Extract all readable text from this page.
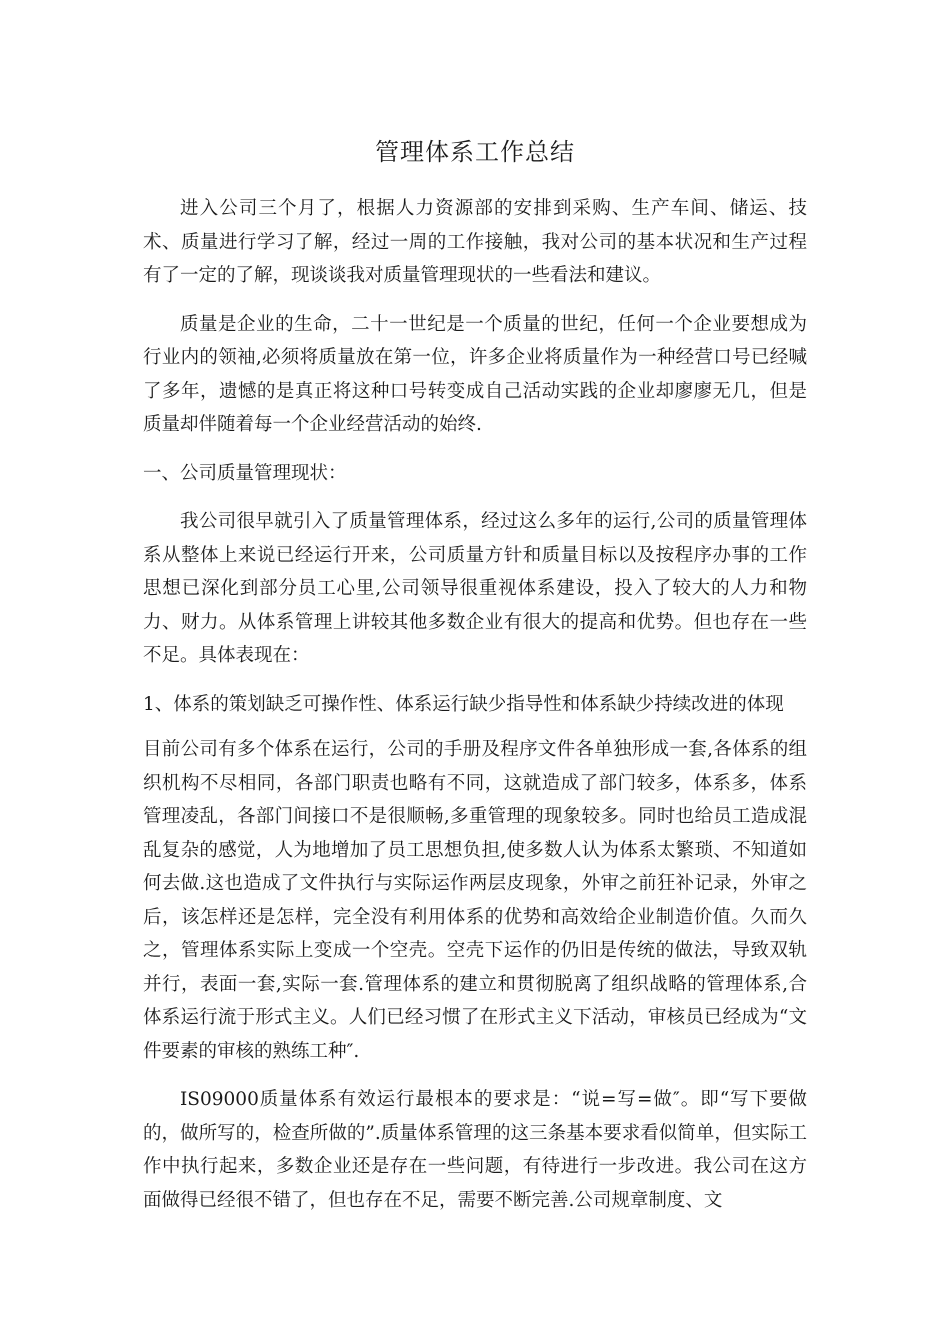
管理体系工作总结

进入公司三个月了，根据人力资源部的安排到采购、生产车间、储运、技术、质量进行学习了解，经过一周的工作接触，我对公司的基本状况和生产过程有了一定的了解，现谈谈我对质量管理现状的一些看法和建议。

质量是企业的生命，二十一世纪是一个质量的世纪，任何一个企业要想成为行业内的领袖,必须将质量放在第一位，许多企业将质量作为一种经营口号已经喊了多年，遗憾的是真正将这种口号转变成自己活动实践的企业却廖廖无几，但是质量却伴随着每一个企业经营活动的始终.

一、公司质量管理现状：

我公司很早就引入了质量管理体系，经过这么多年的运行,公司的质量管理体系从整体上来说已经运行开来，公司质量方针和质量目标以及按程序办事的工作思想已深化到部分员工心里,公司领导很重视体系建设，投入了较大的人力和物力、财力。从体系管理上讲较其他多数企业有很大的提高和优势。但也存在一些不足。具体表现在：

1、体系的策划缺乏可操作性、体系运行缺少指导性和体系缺少持续改进的体现

目前公司有多个体系在运行，公司的手册及程序文件各单独形成一套,各体系的组织机构不尽相同，各部门职责也略有不同，这就造成了部门较多，体系多，体系管理凌乱，各部门间接口不是很顺畅,多重管理的现象较多。同时也给员工造成混乱复杂的感觉，人为地增加了员工思想负担,使多数人认为体系太繁琐、不知道如何去做.这也造成了文件执行与实际运作两层皮现象，外审之前狂补记录，外审之后，该怎样还是怎样，完全没有利用体系的优势和高效给企业制造价值。久而久之，管理体系实际上变成一个空壳。空壳下运作的仍旧是传统的做法，导致双轨并行，表面一套,实际一套.管理体系的建立和贯彻脱离了组织战略的管理体系,合体系运行流于形式主义。人们已经习惯了在形式主义下活动，审核员已经成为“文件要素的审核的熟练工种″.

IS09000质量体系有效运行最根本的要求是：“说=写=做″。即“写下要做的，做所写的，检查所做的”.质量体系管理的这三条基本要求看似简单，但实际工作中执行起来，多数企业还是存在一些问题，有待进行一步改进。我公司在这方面做得已经很不错了，但也存在不足，需要不断完善.公司规章制度、文
